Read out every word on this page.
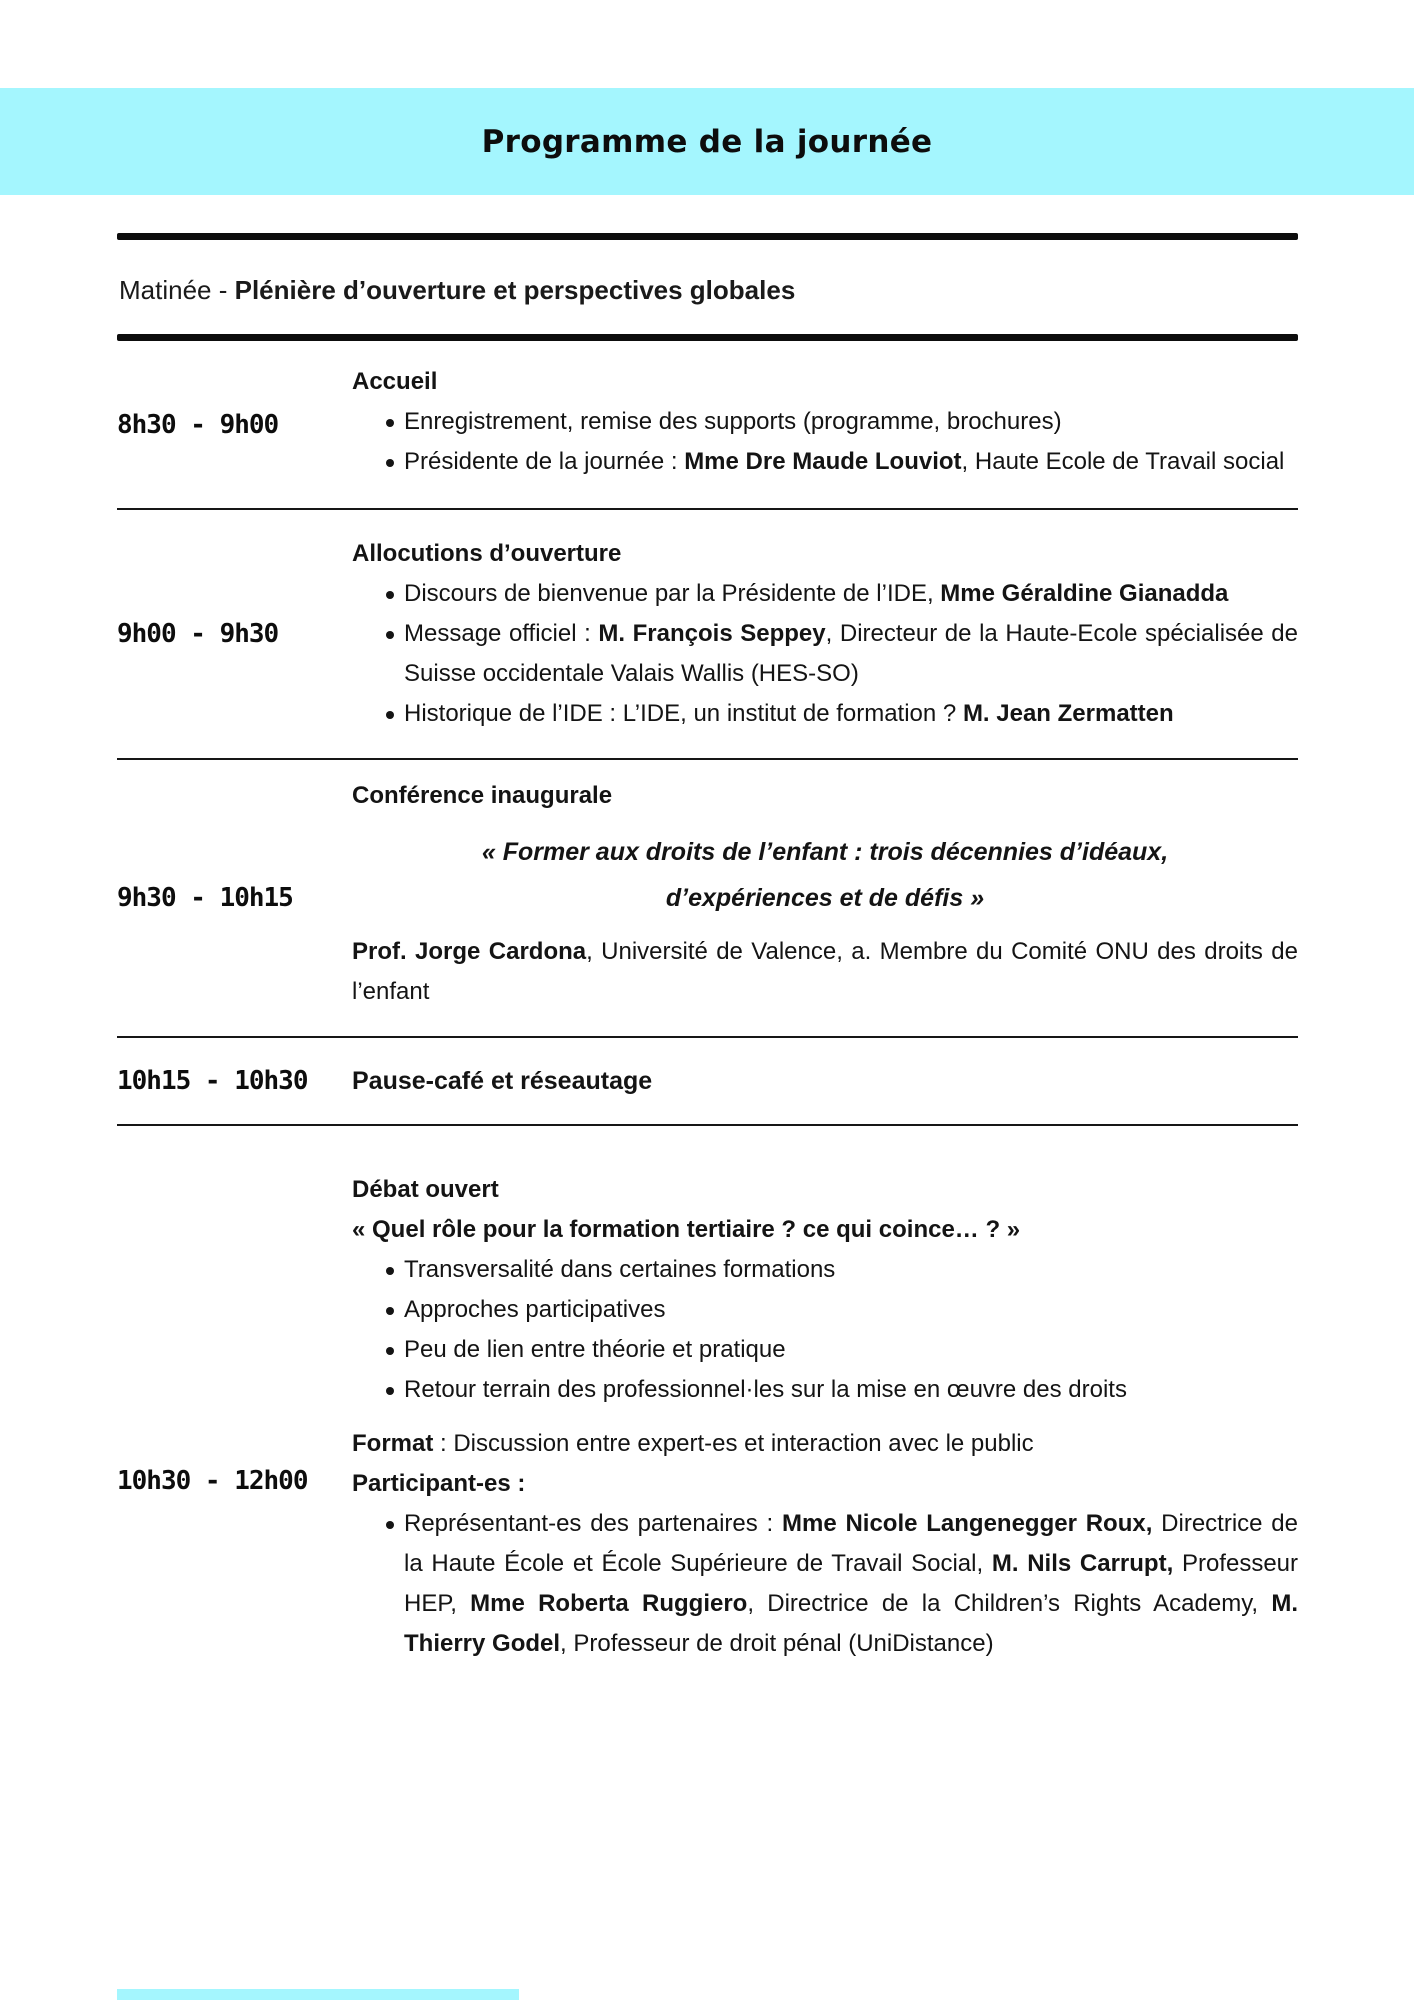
Programme de la journée
Matinée - Plénière d’ouverture et perspectives globales
8h30 - 9h00
Accueil
Enregistrement, remise des supports (programme, brochures)
Présidente de la journée : Mme Dre Maude Louviot, Haute Ecole de Travail social
9h00 - 9h30
Allocutions d’ouverture
Discours de bienvenue par la Présidente de l’IDE, Mme Géraldine Gianadda
Message officiel : M. François Seppey, Directeur de la Haute-Ecole spécialisée de Suisse occidentale Valais Wallis (HES-SO)
Historique de l’IDE : L’IDE, un institut de formation ? M. Jean Zermatten
9h30 - 10h15
Conférence inaugurale
« Former aux droits de l’enfant : trois décennies d’idéaux,
d’expériences et de défis »

Prof. Jorge Cardona, Université de Valence, a. Membre du Comité ONU des droits de l’enfant

10h15 - 10h30	Pause-café et réseautage
10h30 - 12h00
Débat ouvert
« Quel rôle pour la formation tertiaire ? ce qui coince… ? »
Transversalité dans certaines formations
Approches participatives
Peu de lien entre théorie et pratique
Retour terrain des professionnel·les sur la mise en œuvre des droits
Format : Discussion entre expert-es et interaction avec le public
Participant-es :
Représentant-es des partenaires : Mme Nicole Langenegger Roux, Directrice de la Haute École et École Supérieure de Travail Social, M. Nils Carrupt, Professeur HEP, Mme Roberta Ruggiero, Directrice de la Children’s Rights Academy, M. Thierry Godel, Professeur de droit pénal (UniDistance)
